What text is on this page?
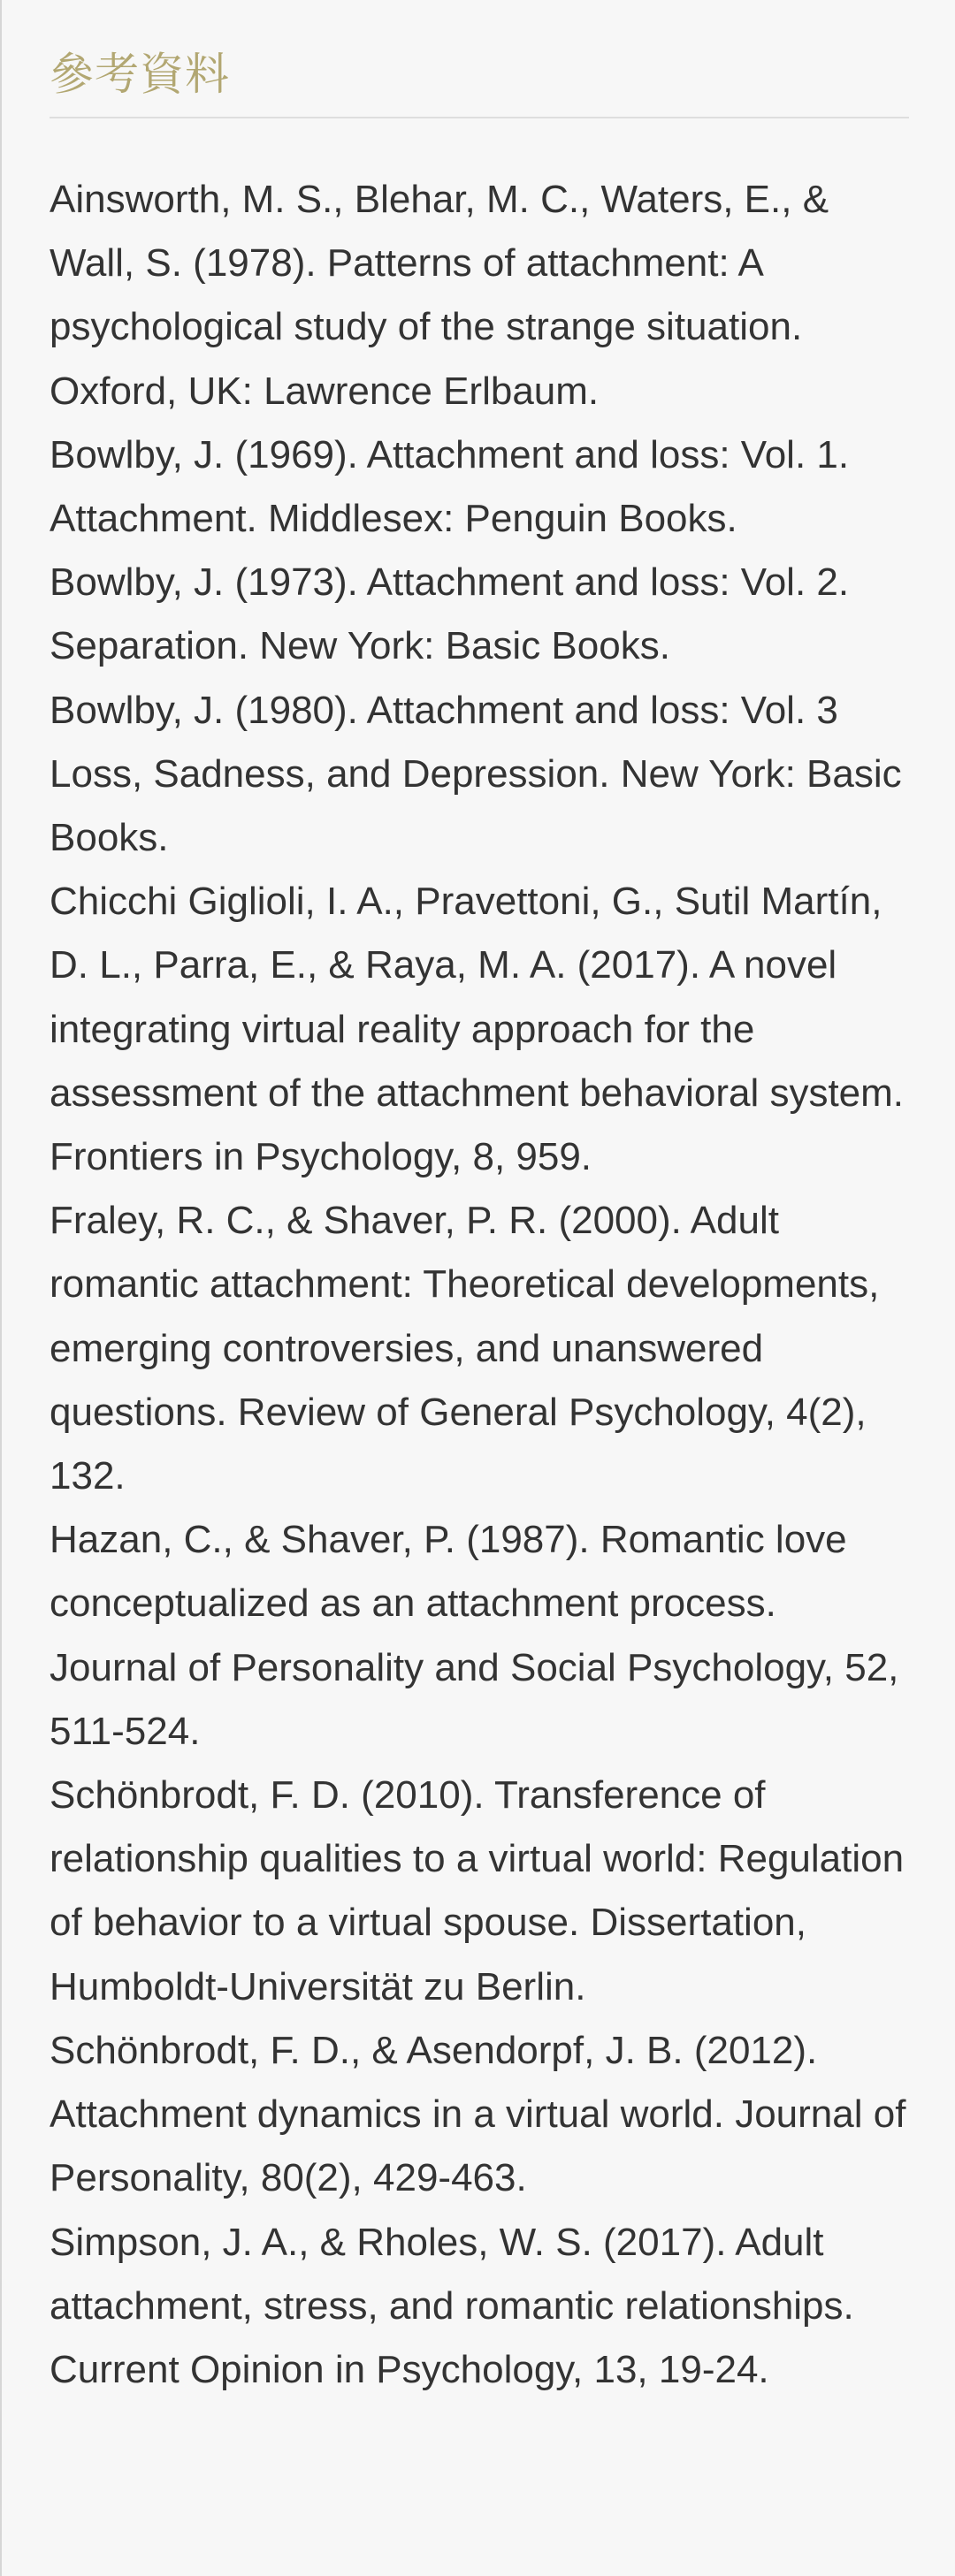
參考資料

Ainsworth, M. S., Blehar, M. C., Waters, E., & Wall, S. (1978). Patterns of attachment: A psychological study of the strange situation. Oxford, UK: Lawrence Erlbaum.

Bowlby, J. (1969). Attachment and loss: Vol. 1. Attachment. Middlesex: Penguin Books.

Bowlby, J. (1973). Attachment and loss: Vol. 2. Separation. New York: Basic Books.

Bowlby, J. (1980). Attachment and loss: Vol. 3 Loss, Sadness, and Depression. New York: Basic Books.

Chicchi Giglioli, I. A., Pravettoni, G., Sutil Martín, D. L., Parra, E., & Raya, M. A. (2017). A novel integrating virtual reality approach for the assessment of the attachment behavioral system. Frontiers in Psychology, 8, 959.

Fraley, R. C., & Shaver, P. R. (2000). Adult romantic attachment: Theoretical developments, emerging controversies, and unanswered questions. Review of General Psychology, 4(2), 132.

Hazan, C., & Shaver, P. (1987). Romantic love conceptualized as an attachment process. Journal of Personality and Social Psychology, 52, 511-524.

Schönbrodt, F. D. (2010). Transference of relationship qualities to a virtual world: Regulation of behavior to a virtual spouse. Dissertation, Humboldt-Universität zu Berlin.

Schönbrodt, F. D., & Asendorpf, J. B. (2012). Attachment dynamics in a virtual world. Journal of Personality, 80(2), 429-463.

Simpson, J. A., & Rholes, W. S. (2017). Adult attachment, stress, and romantic relationships. Current Opinion in Psychology, 13, 19-24.
